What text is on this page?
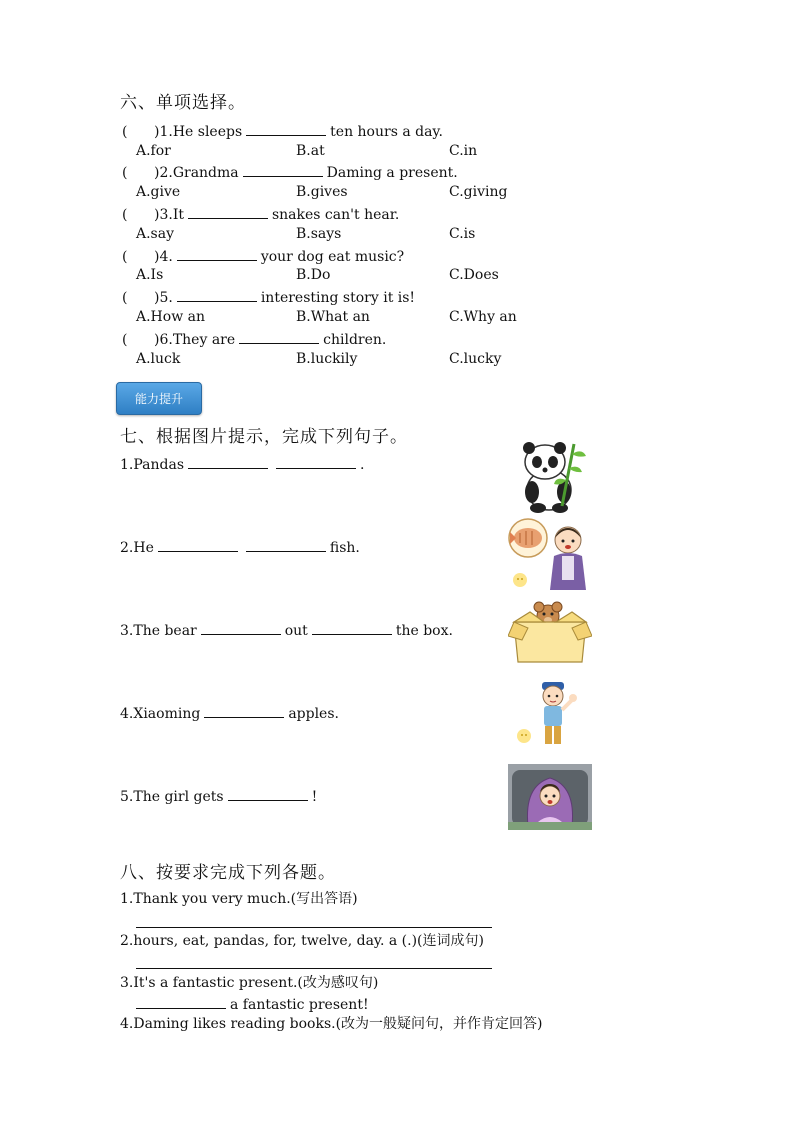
六、单项选择。
( )1.He sleeps	ten hours a day.
A.for	B.at	C.in
( )2.Grandma	Daming a present.
A.give	B.gives	C.giving
( )3.It	snakes can't hear.
A.say	B.says	C.is
( )4.	your dog eat music?
A.Is	B.Do	C.Does
( )5.	interesting story it is!
A.How an	B.What an	C.Why an
( )6.They are	children.
A.luck	B.luckily	C.lucky
能力提升
七、根据图片提示，完成下列句子。
1.Pandas	.
2.He	fish.
3.The bear	out	the box.
4.Xiaoming	apples.
5.The girl gets	!
八、按要求完成下列各题。
1.Thank you very much.(写出答语)
2.hours, eat, pandas, for, twelve, day. a (.)(连词成句)
3.It's a fantastic present.(改为感叹句)
a fantastic present!
4.Daming likes reading books.(改为一般疑问句，并作肯定回答)
